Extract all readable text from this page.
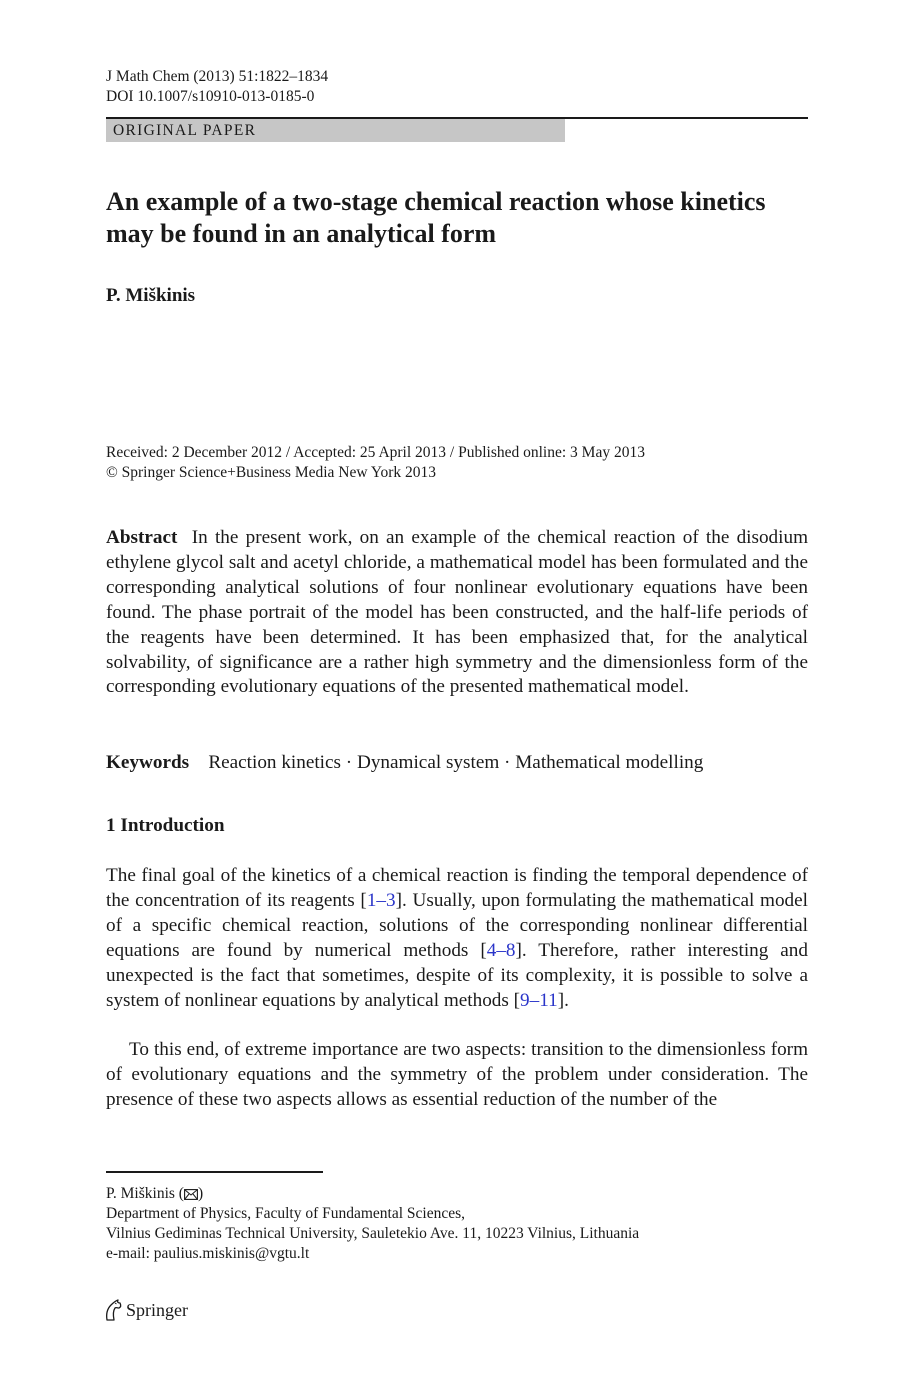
J Math Chem (2013) 51:1822–1834
DOI 10.1007/s10910-013-0185-0
ORIGINAL PAPER
An example of a two-stage chemical reaction whose kinetics may be found in an analytical form
P. Miškinis
Received: 2 December 2012 / Accepted: 25 April 2013 / Published online: 3 May 2013
© Springer Science+Business Media New York 2013

Abstract In the present work, on an example of the chemical reaction of the disodium ethylene glycol salt and acetyl chloride, a mathematical model has been formulated and the corresponding analytical solutions of four nonlinear evolutionary equations have been found. The phase portrait of the model has been constructed, and the half-life periods of the reagents have been determined. It has been emphasized that, for the analytical solvability, of significance are a rather high symmetry and the dimensionless form of the corresponding evolutionary equations of the presented mathematical model.

Keywords Reaction kinetics · Dynamical system · Mathematical modelling
1 Introduction

The final goal of the kinetics of a chemical reaction is finding the temporal dependence of the concentration of its reagents [1–3]. Usually, upon formulating the mathematical model of a specific chemical reaction, solutions of the corresponding nonlinear differential equations are found by numerical methods [4–8]. Therefore, rather interesting and unexpected is the fact that sometimes, despite of its complexity, it is possible to solve a system of nonlinear equations by analytical methods [9–11].

To this end, of extreme importance are two aspects: transition to the dimensionless form of evolutionary equations and the symmetry of the problem under consideration. The presence of these two aspects allows as essential reduction of the number of the

P. Miškinis ( )
Department of Physics, Faculty of Fundamental Sciences,
Vilnius Gediminas Technical University, Sauletekio Ave. 11, 10223 Vilnius, Lithuania
e-mail: paulius.miskinis@vgtu.lt
Springer
